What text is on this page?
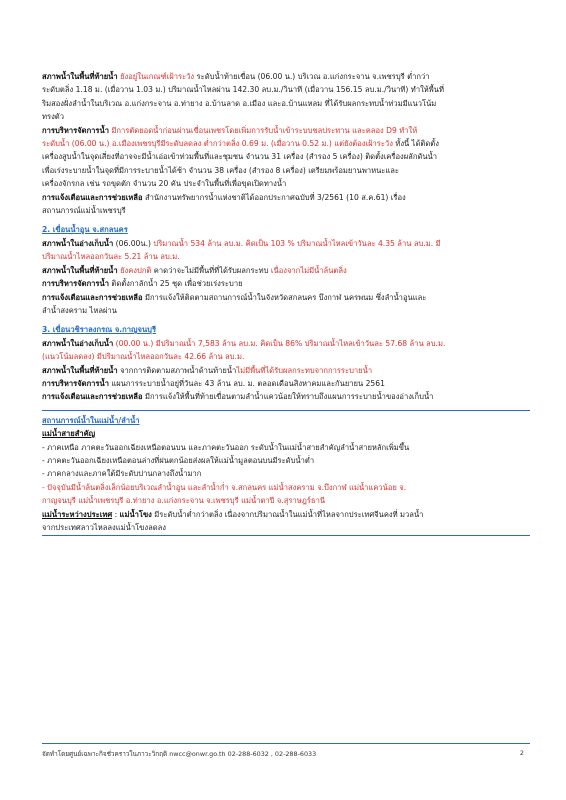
สภาพน้ำในพื้นที่ท้ายน้ำ ยังอยู่ในเกณฑ์เฝ้าระวัง ระดับน้ำท้ายเขื่อน (06.00 น.) บริเวณ อ.แก่งกระจาน จ.เพชรบุรี ต่ำกว่า
ระดับตลิ่ง 1.18 ม. (เมื่อวาน 1.03 ม.) ปริมาณน้ำไหลผ่าน 142.30 ลบ.ม./วินาที (เมื่อวาน 156.15 ลบ.ม./วินาที) ทำให้พื้นที่
ริมสองฝั่งลำน้ำในบริเวณ อ.แก่งกระจาน อ.ท่ายาง อ.บ้านลาด อ.เมือง และอ.บ้านแหลม ที่ได้รับผลกระทบน้ำท่วมมีแนวโน้ม
ทรงตัว

การบริหารจัดการน้ำ มีการตัดยอดน้ำก่อนผ่านเขื่อนเพชรโดยเพิ่มการรับน้ำเข้าระบบชลประทาน และคลอง D9 ทำให้
ระดับน้ำ (06.00 น.) อ.เมืองเพชรบุรีมีระดับลดลง ต่ำกว่าตลิ่ง 0.69 ม. (เมื่อวาน 0.52 ม.) แต่ยังต้องเฝ้าระวัง ทั้งนี้ ได้ติดตั้ง
เครื่องสูบน้ำในจุดเสี่ยงที่อาจจะมีน้ำเอ่อเข้าท่วมพื้นที่และชุมชน จำนวน 31 เครื่อง (สำรอง 5 เครื่อง) ติดตั้งเครื่องผลักดันน้ำ
เพื่อเร่งระบายน้ำในจุดที่มีการระบายน้ำได้ช้า จำนวน 38 เครื่อง (สำรอง 8 เครื่อง) เตรียมพร้อมยานพาหนะและ
เครื่องจักรกล เช่น รถขุดตัก จำนวน 20 คัน ประจำในพื้นที่เพื่อขุดเปิดทางน้ำ

การแจ้งเตือนและการช่วยเหลือ สำนักงานทรัพยากรน้ำแห่งชาติได้ออกประกาศฉบับที่ 3/2561 (10 ส.ค.61) เรื่อง
สถานการณ์แม่น้ำเพชรบุรี

2. เขื่อนน้ำอูน จ.สกลนคร

สภาพน้ำในอ่างเก็บน้ำ (06.00น.) ปริมาณน้ำ 534 ล้าน ลบ.ม. คิดเป็น 103 % ปริมาณน้ำไหลเข้าวันละ 4.35 ล้าน ลบ.ม. มี
ปริมาณน้ำไหลออกวันละ 5.21 ล้าน ลบ.ม.

สภาพน้ำในพื้นที่ท้ายน้ำ ยังคงปกติ คาดว่าจะไม่มีพื้นที่ที่ได้รับผลกระทบ เนื่องจากไม่มีน้ำล้นตลิ่ง

การบริหารจัดการน้ำ ติดตั้งกาลักน้ำ 25 ชุด เพื่อช่วยเร่งระบาย

การแจ้งเตือนและการช่วยเหลือ มีการแจ้งให้ติดตามสถานการณ์น้ำในจังหวัดสกลนคร บึงกาฬ นครพนม ซึ่งลำน้ำอูนและ
ลำน้ำสงคราม ไหลผ่าน

3. เขื่อนวชิราลงกรณ จ.กาญจนบุรี

สภาพน้ำในอ่างเก็บน้ำ (00.00 น.) มีปริมาณน้ำ 7,583 ล้าน ลบ.ม. คิดเป็น 86% ปริมาณน้ำไหลเข้าวันละ 57.68 ล้าน ลบ.ม.
(แนวโน้มลดลง) มีปริมาณน้ำไหลออกวันละ 42.66 ล้าน ลบ.ม.

สภาพน้ำในพื้นที่ท้ายน้ำ จากการติดตามสภาพน้ำด้านท้ายน้ำไม่มีพื้นที่ได้รับผลกระทบจากการระบายน้ำ

การบริหารจัดการน้ำ แผนการระบายน้ำอยู่ที่วันละ 43 ล้าน ลบ. ม. ตลอดเดือนสิงหาคมและกันยายน 2561

การแจ้งเตือนและการช่วยเหลือ มีการแจ้งให้พื้นที่ท้ายเขื่อนตามลำน้ำแควน้อยให้ทราบถึงแผนการระบายน้ำของอ่างเก็บน้ำ

สถานการณ์น้ำในแม่น้ำ/ลำน้ำ

แม่น้ำสายสำคัญ

- ภาคเหนือ ภาคตะวันออกเฉียงเหนือตอนบน และภาคตะวันออก ระดับน้ำในแม่น้ำสายสำคัญลำน้ำสายหลักเพิ่มขึ้น

- ภาคตะวันออกเฉียงเหนือตอนล่างที่ฝนตกน้อยส่งผลให้แม่น้ำมูลตอนบนมีระดับน้ำต่ำ

- ภาคกลางและภาคใต้มีระดับปานกลางถึงน้ำมาก

- ปัจจุบันมีน้ำล้นตลิ่งเล็กน้อยบริเวณลำน้ำอูน และลำน้ำก่ำ จ.สกลนคร แม่น้ำสงคราม จ.บึงกาฬ แม่น้ำแควน้อย จ.

กาญจนบุรี แม่น้ำเพชรบุรี อ.ท่ายาง อ.แก่งกระจาน จ.เพชรบุรี แม่น้ำตาปี จ.สุราษฎร์ธานี

แม่น้ำระหว่างประเทศ : แม่น้ำโขง มีระดับน้ำต่ำกว่าตลิ่ง เนื่องจากปริมาณน้ำในแม่น้ำที่ไหลจากประเทศจีนคงที่ มวลน้ำ
จากประเทศลาวไหลลงแม่น้ำโขงลดลง

จัดทำโดยศูนย์เฉพาะกิจชั่วคราวในภาวะวิกฤติ nwcc@onwr.go.th 02-288-6032 , 02-288-6033	2
